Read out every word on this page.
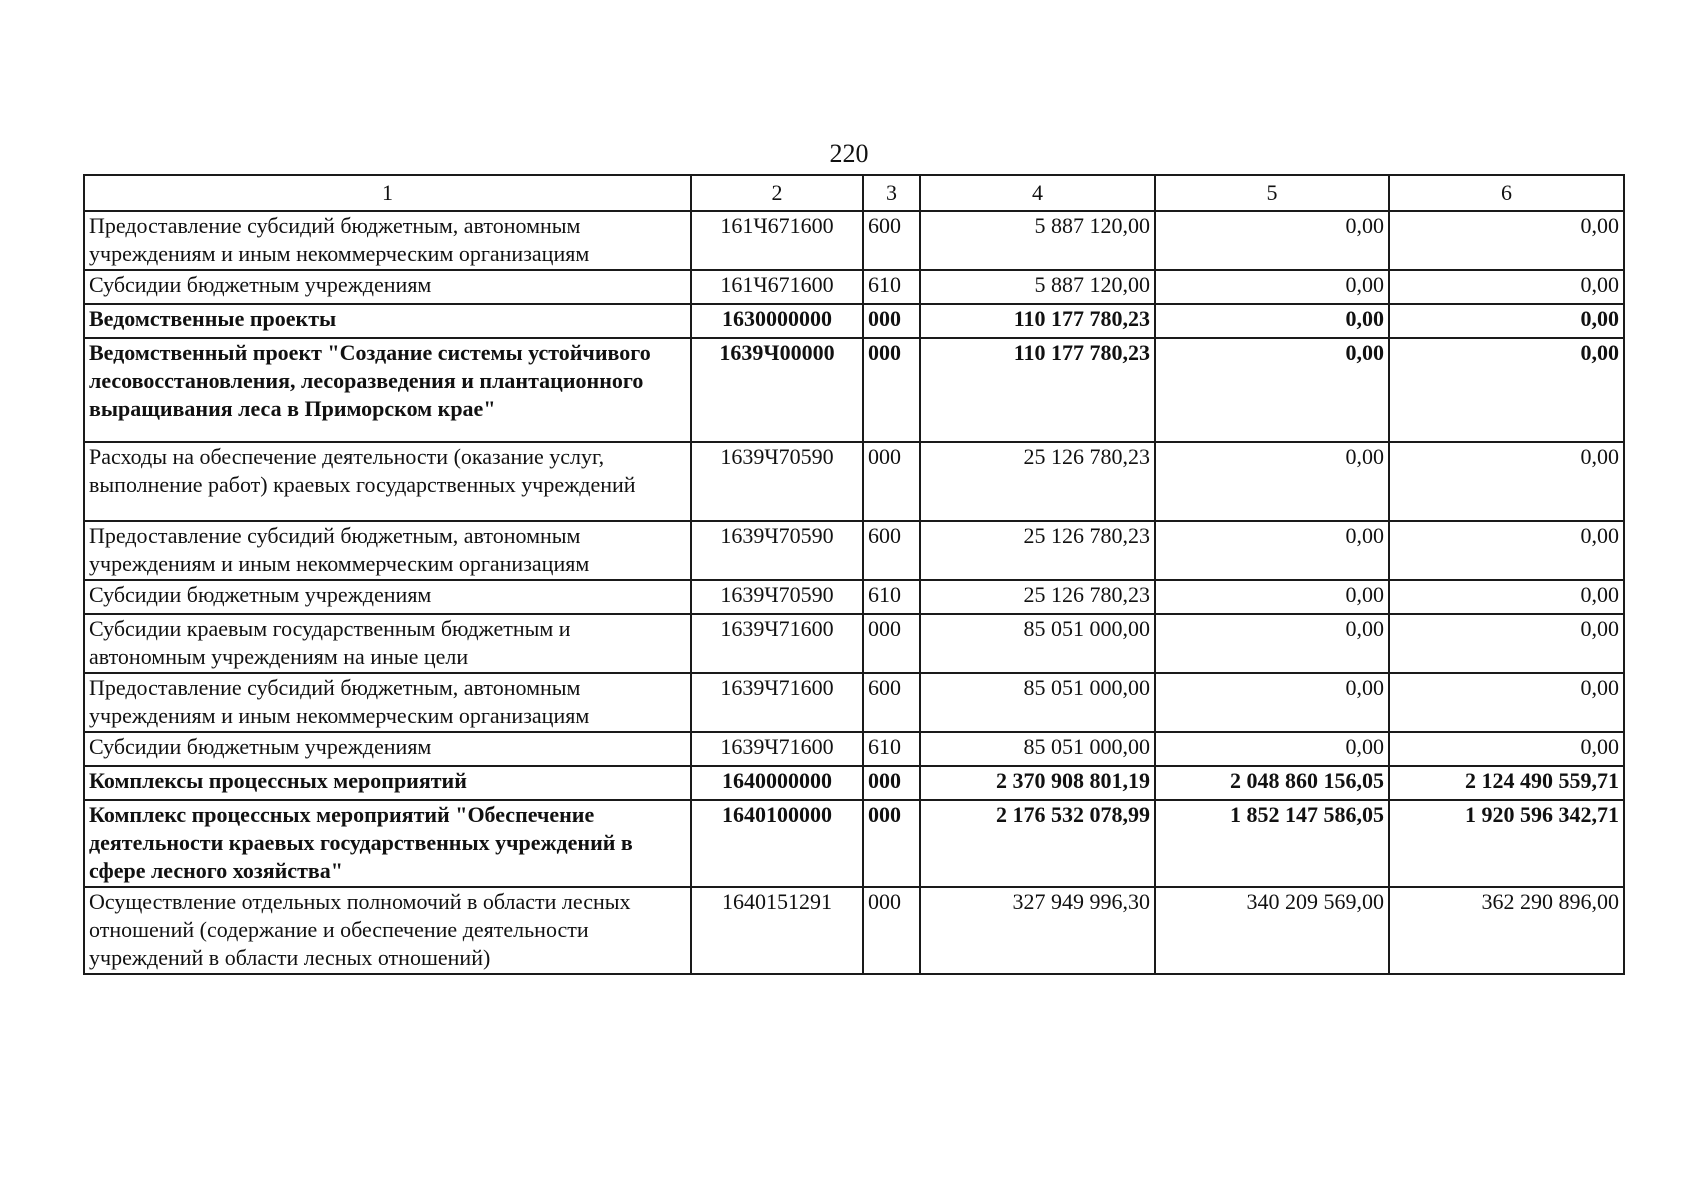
220
1	2	3	4	5	6
Предоставление субсидий бюджетным, автономным учреждениям и иным некоммерческим организациям	161Ч671600	600	5 887 120,00	0,00	0,00
Субсидии бюджетным учреждениям	161Ч671600	610	5 887 120,00	0,00	0,00
Ведомственные проекты	1630000000	000	110 177 780,23	0,00	0,00
Ведомственный проект "Создание системы устойчивого лесовосстановления, лесоразведения и плантационного выращивания леса в Приморском крае"	1639Ч00000	000	110 177 780,23	0,00	0,00
Расходы на обеспечение деятельности (оказание услуг, выполнение работ) краевых государственных учреждений	1639Ч70590	000	25 126 780,23	0,00	0,00
Предоставление субсидий бюджетным, автономным учреждениям и иным некоммерческим организациям	1639Ч70590	600	25 126 780,23	0,00	0,00
Субсидии бюджетным учреждениям	1639Ч70590	610	25 126 780,23	0,00	0,00
Субсидии краевым государственным бюджетным и автономным учреждениям на иные цели	1639Ч71600	000	85 051 000,00	0,00	0,00
Предоставление субсидий бюджетным, автономным учреждениям и иным некоммерческим организациям	1639Ч71600	600	85 051 000,00	0,00	0,00
Субсидии бюджетным учреждениям	1639Ч71600	610	85 051 000,00	0,00	0,00
Комплексы процессных мероприятий	1640000000	000	2 370 908 801,19	2 048 860 156,05	2 124 490 559,71
Комплекс процессных мероприятий "Обеспечение деятельности краевых государственных учреждений в сфере лесного хозяйства"	1640100000	000	2 176 532 078,99	1 852 147 586,05	1 920 596 342,71
Осуществление отдельных полномочий в области лесных отношений (содержание и обеспечение деятельности учреждений в области лесных отношений)	1640151291	000	327 949 996,30	340 209 569,00	362 290 896,00
